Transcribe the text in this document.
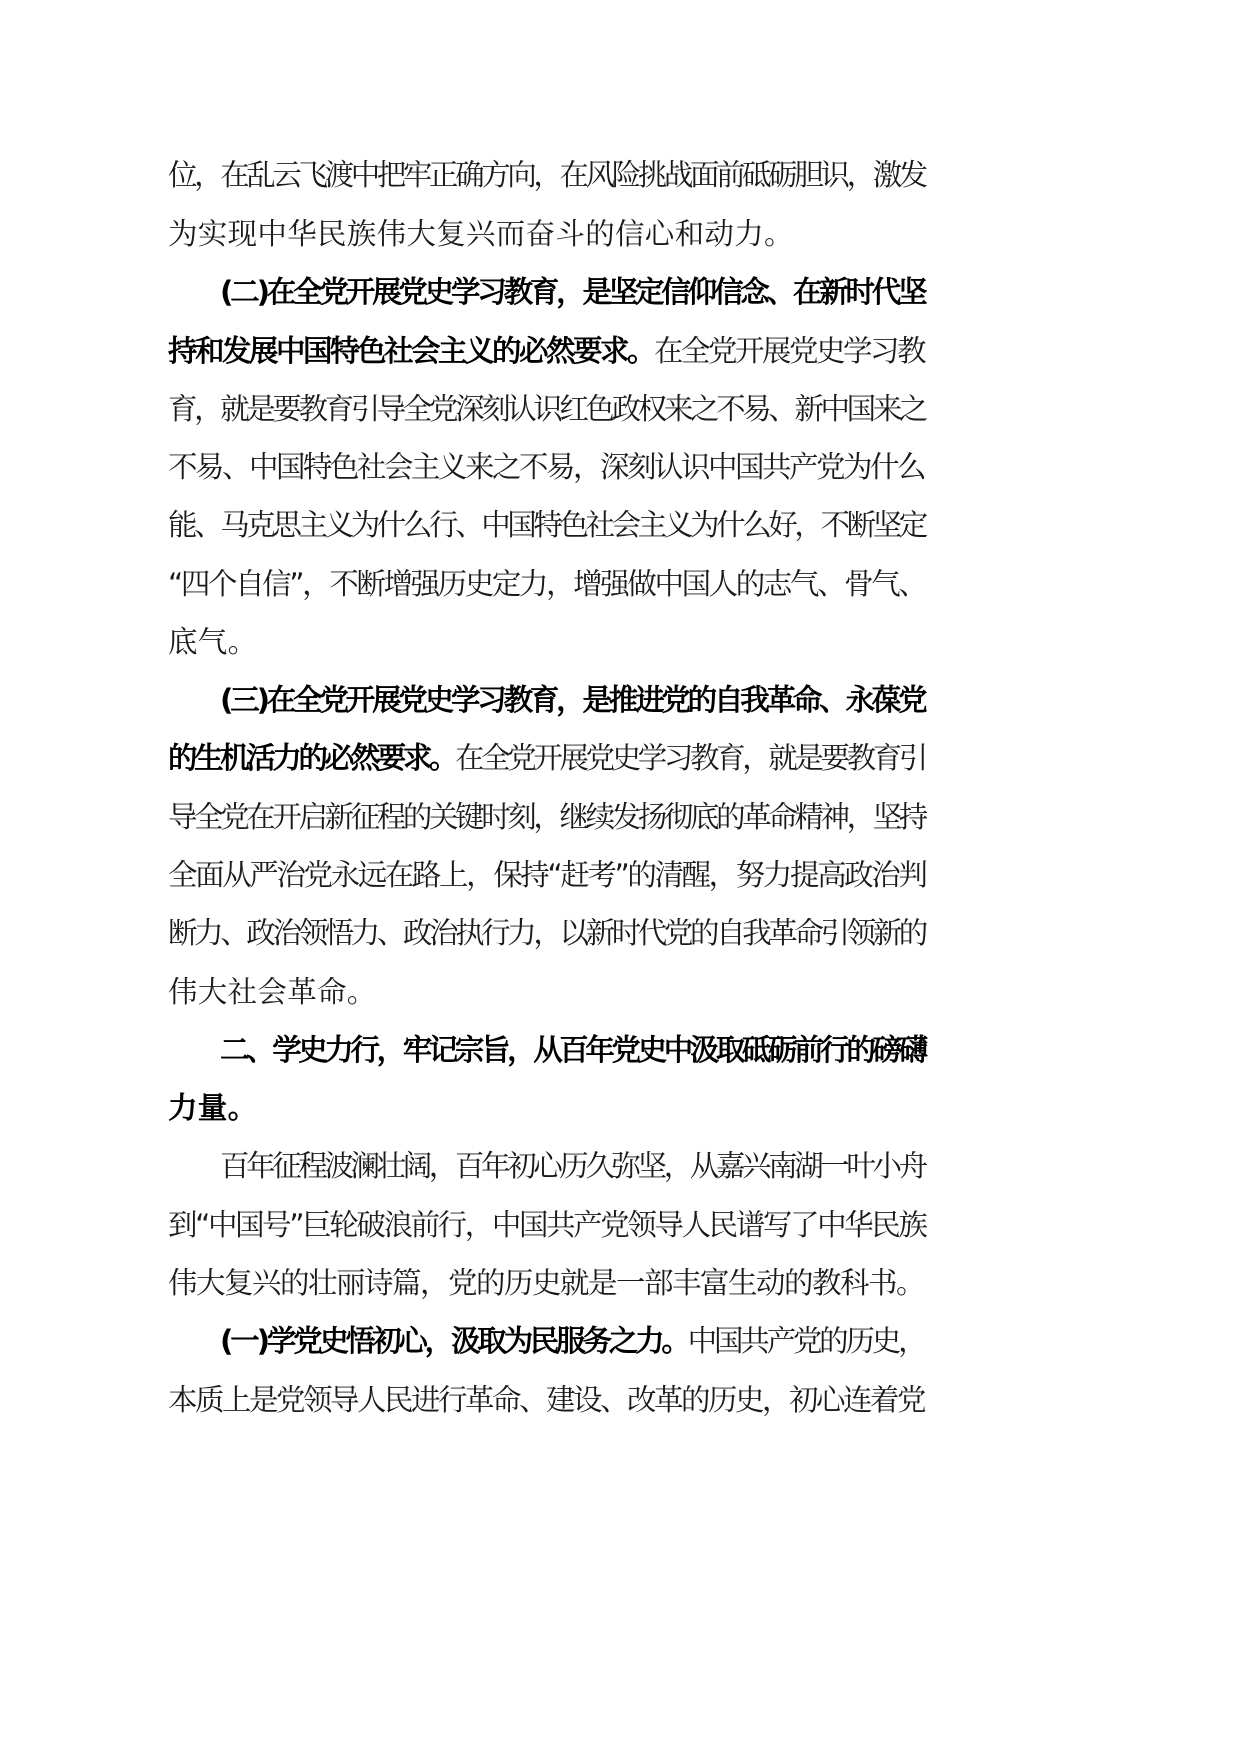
位，在乱云飞渡中把牢正确方向，在风险挑战面前砥砺胆识，激发
为实现中华民族伟大复兴而奋斗的信心和动力。
(二)在全党开展党史学习教育，是坚定信仰信念、在新时代坚
持和发展中国特色社会主义的必然要求。在全党开展党史学习教
育，就是要教育引导全党深刻认识红色政权来之不易、新中国来之
不易、中国特色社会主义来之不易，深刻认识中国共产党为什么
能、马克思主义为什么行、中国特色社会主义为什么好，不断坚定
“四个自信”，不断增强历史定力，增强做中国人的志气、骨气、
底气。
(三)在全党开展党史学习教育，是推进党的自我革命、永葆党
的生机活力的必然要求。在全党开展党史学习教育，就是要教育引
导全党在开启新征程的关键时刻，继续发扬彻底的革命精神，坚持
全面从严治党永远在路上，保持“赶考”的清醒，努力提高政治判
断力、政治领悟力、政治执行力，以新时代党的自我革命引领新的
伟大社会革命。
二、学史力行，牢记宗旨，从百年党史中汲取砥砺前行的磅礴
力量。
百年征程波澜壮阔，百年初心历久弥坚，从嘉兴南湖一叶小舟
到“中国号”巨轮破浪前行，中国共产党领导人民谱写了中华民族
伟大复兴的壮丽诗篇，党的历史就是一部丰富生动的教科书。
(一)学党史悟初心，汲取为民服务之力。中国共产党的历史，
本质上是党领导人民进行革命、建设、改革的历史，初心连着党
